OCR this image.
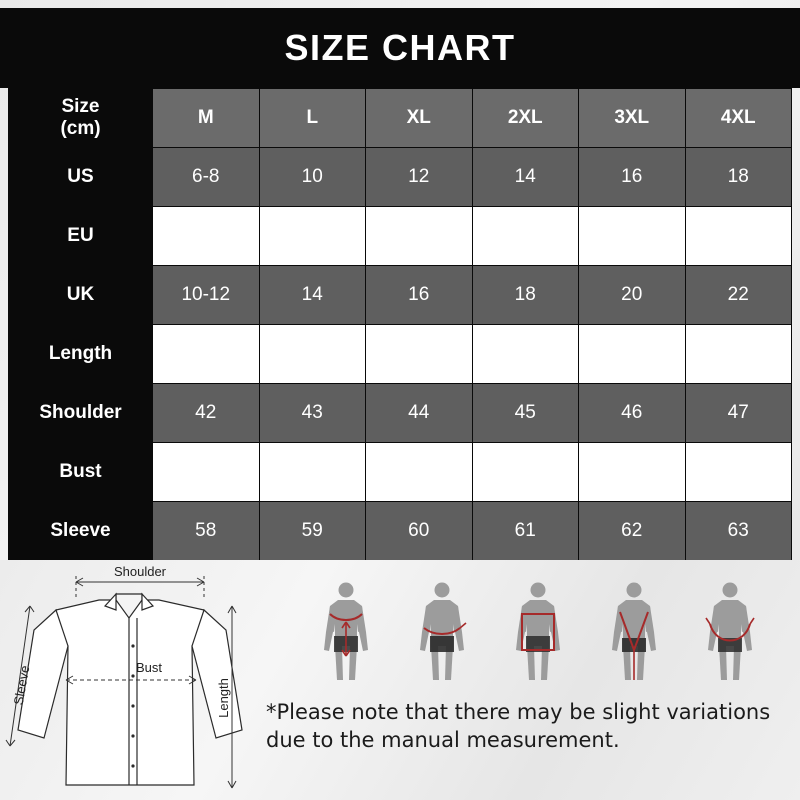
SIZE CHART
Size
(cm)	M	L	XL	2XL	3XL	4XL
US	6-8	10	12	14	16	18
EU	38-40	42	44	46	48	50
UK	10-12	14	16	18	20	22
Length	66	68	70	72	74	76
Shoulder	42	43	44	45	46	47
Bust	96	100	104	108	112	116
Sleeve	58	59	60	61	62	63
Shoulder
Bust
Length
Sleeve
*Please note that there may be slight variations
due to the manual measurement.
